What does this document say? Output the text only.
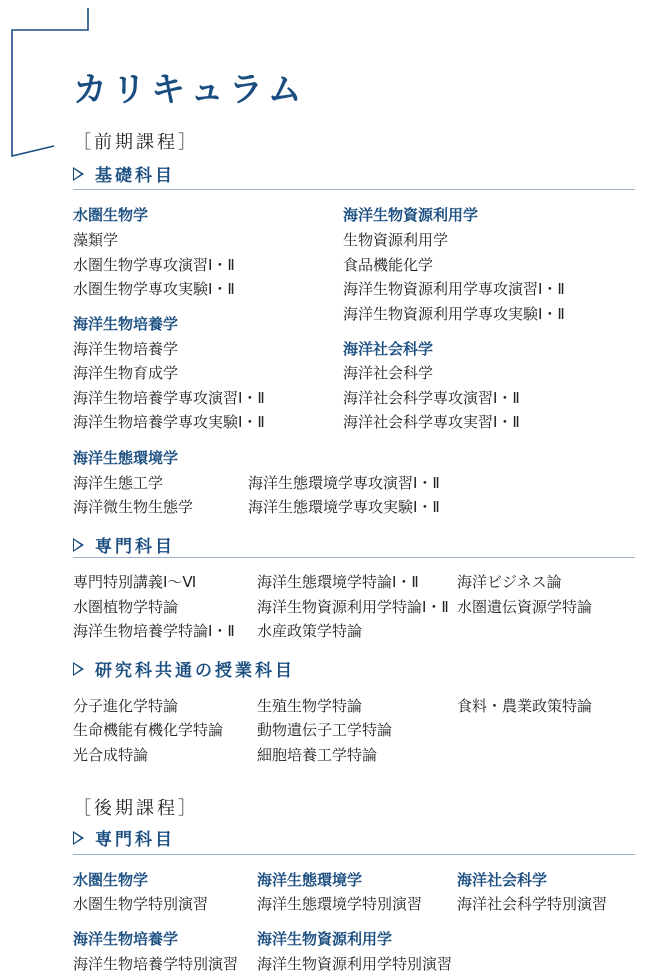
カリキュラム
［前期課程］
基礎科目
水圏生物学
藻類学
水圏生物学専攻演習Ⅰ・Ⅱ
水圏生物学専攻実験Ⅰ・Ⅱ
海洋生物培養学
海洋生物培養学
海洋生物育成学
海洋生物培養学専攻演習Ⅰ・Ⅱ
海洋生物培養学専攻実験Ⅰ・Ⅱ
海洋生物資源利用学
生物資源利用学
食品機能化学
海洋生物資源利用学専攻演習Ⅰ・Ⅱ
海洋生物資源利用学専攻実験Ⅰ・Ⅱ
海洋社会科学
海洋社会科学
海洋社会科学専攻演習Ⅰ・Ⅱ
海洋社会科学専攻実習Ⅰ・Ⅱ
海洋生態環境学
海洋生態工学
海洋微生物生態学
海洋生態環境学専攻演習Ⅰ・Ⅱ
海洋生態環境学専攻実験Ⅰ・Ⅱ
専門科目
専門特別講義Ⅰ〜Ⅵ
水圏植物学特論
海洋生物培養学特論Ⅰ・Ⅱ
海洋生態環境学特論Ⅰ・Ⅱ
海洋生物資源利用学特論Ⅰ・Ⅱ
水産政策学特論
海洋ビジネス論
水圏遺伝資源学特論
研究科共通の授業科目
分子進化学特論
生命機能有機化学特論
光合成特論
生殖生物学特論
動物遺伝子工学特論
細胞培養工学特論
食料・農業政策特論
［後期課程］
専門科目
水圏生物学
水圏生物学特別演習
海洋生態環境学
海洋生態環境学特別演習
海洋社会科学
海洋社会科学特別演習
海洋生物培養学
海洋生物培養学特別演習
海洋生物資源利用学
海洋生物資源利用学特別演習
